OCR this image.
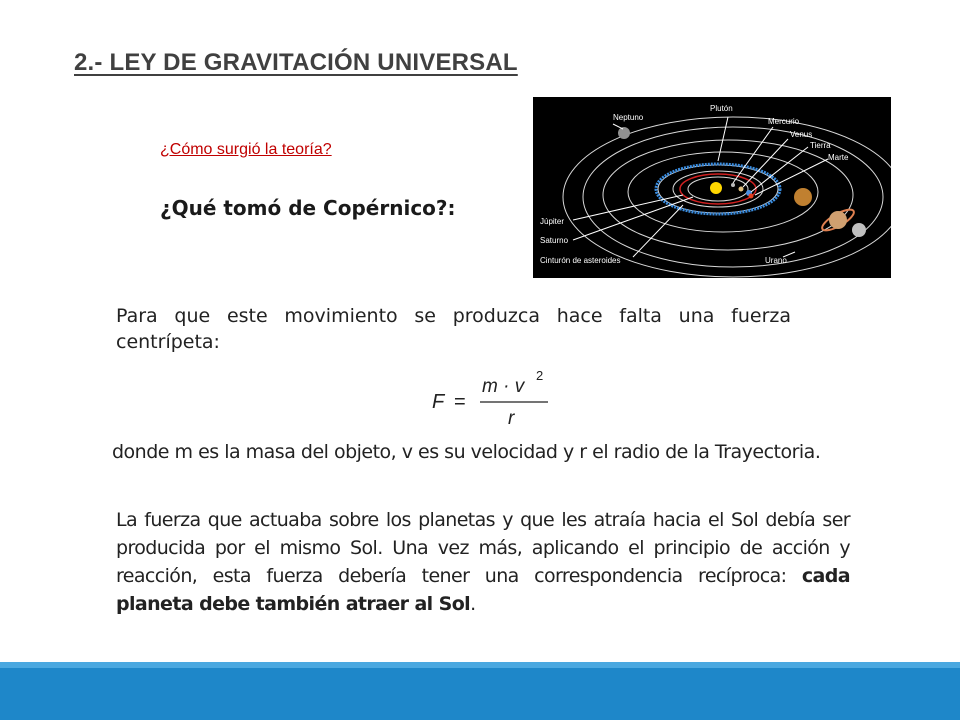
2.- LEY DE GRAVITACIÓN UNIVERSAL
¿Cómo surgió la teoría?
¿Qué tomó de Copérnico?:
Plutón
Neptuno	Mercurio
Venus
Tierra
Marte
Júpiter
Saturno
Cinturón de asteroides	Urano
Para que este movimiento se produzca hace falta una fuerza centrípeta:
F =
m · v
2
r
donde m es la masa del objeto, v es su velocidad y r el radio de la Trayectoria.
La fuerza que actuaba sobre los planetas y que les atraía hacia el Sol debía ser producida por el mismo Sol. Una vez más, aplicando el principio de acción y reacción, esta fuerza debería tener una correspondencia recíproca: cada planeta debe también atraer al Sol.
